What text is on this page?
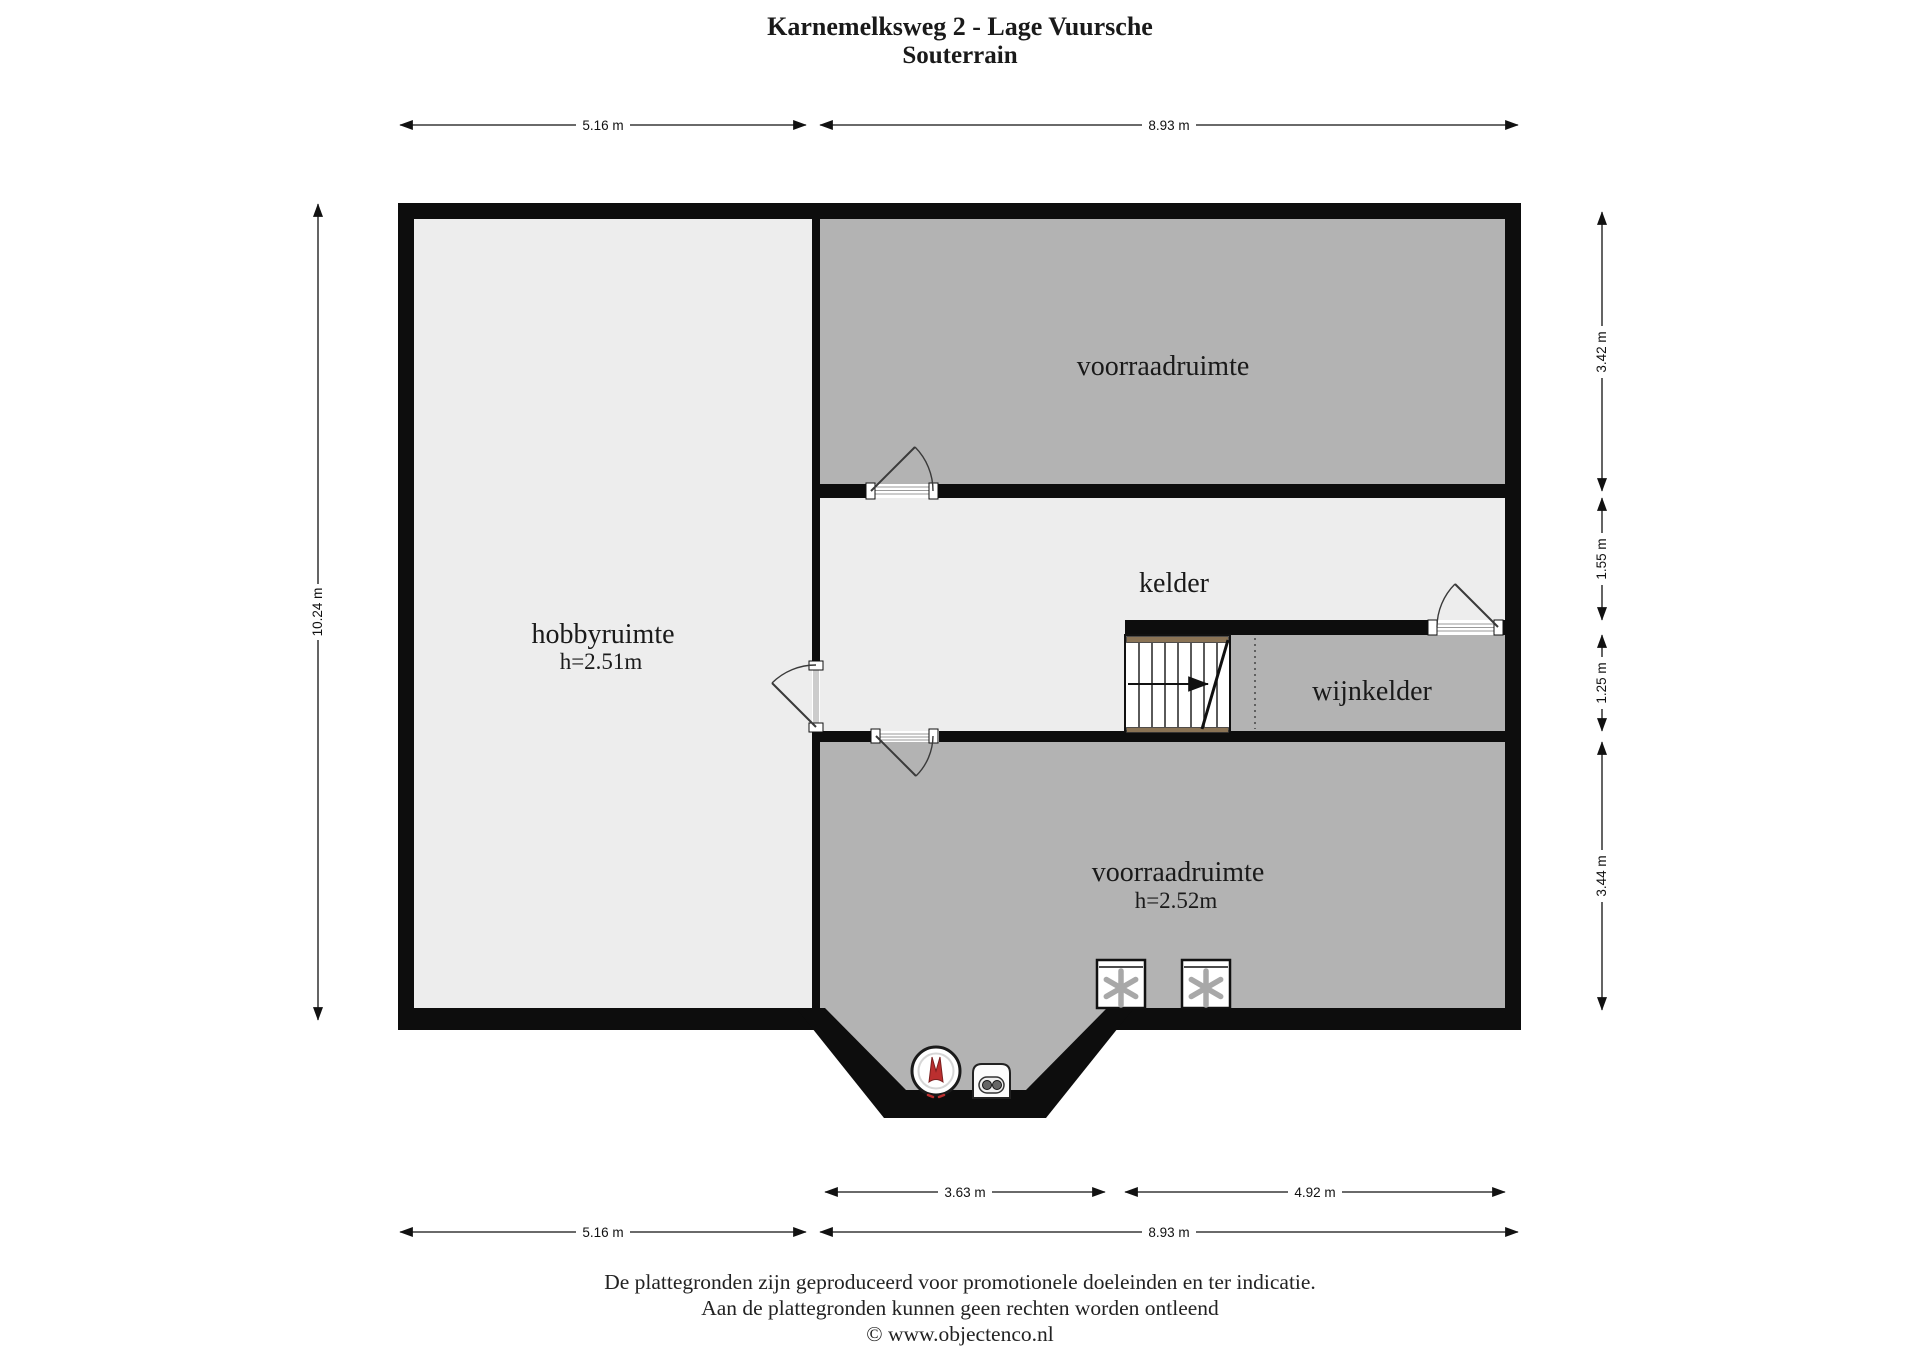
voorraadruimte
kelder
wijnkelder
hobbyruimte
h=2.51m
voorraadruimte
h=2.52m
5.16 m	8.93 m
10.24 m
3.42 m
1.55 m
1.25 m
3.44 m
3.63 m	4.92 m
5.16 m	8.93 m
Karnemelksweg 2 - Lage Vuursche
Souterrain
De plattegronden zijn geproduceerd voor promotionele doeleinden en ter indicatie.
Aan de plattegronden kunnen geen rechten worden ontleend
© www.objectenco.nl
